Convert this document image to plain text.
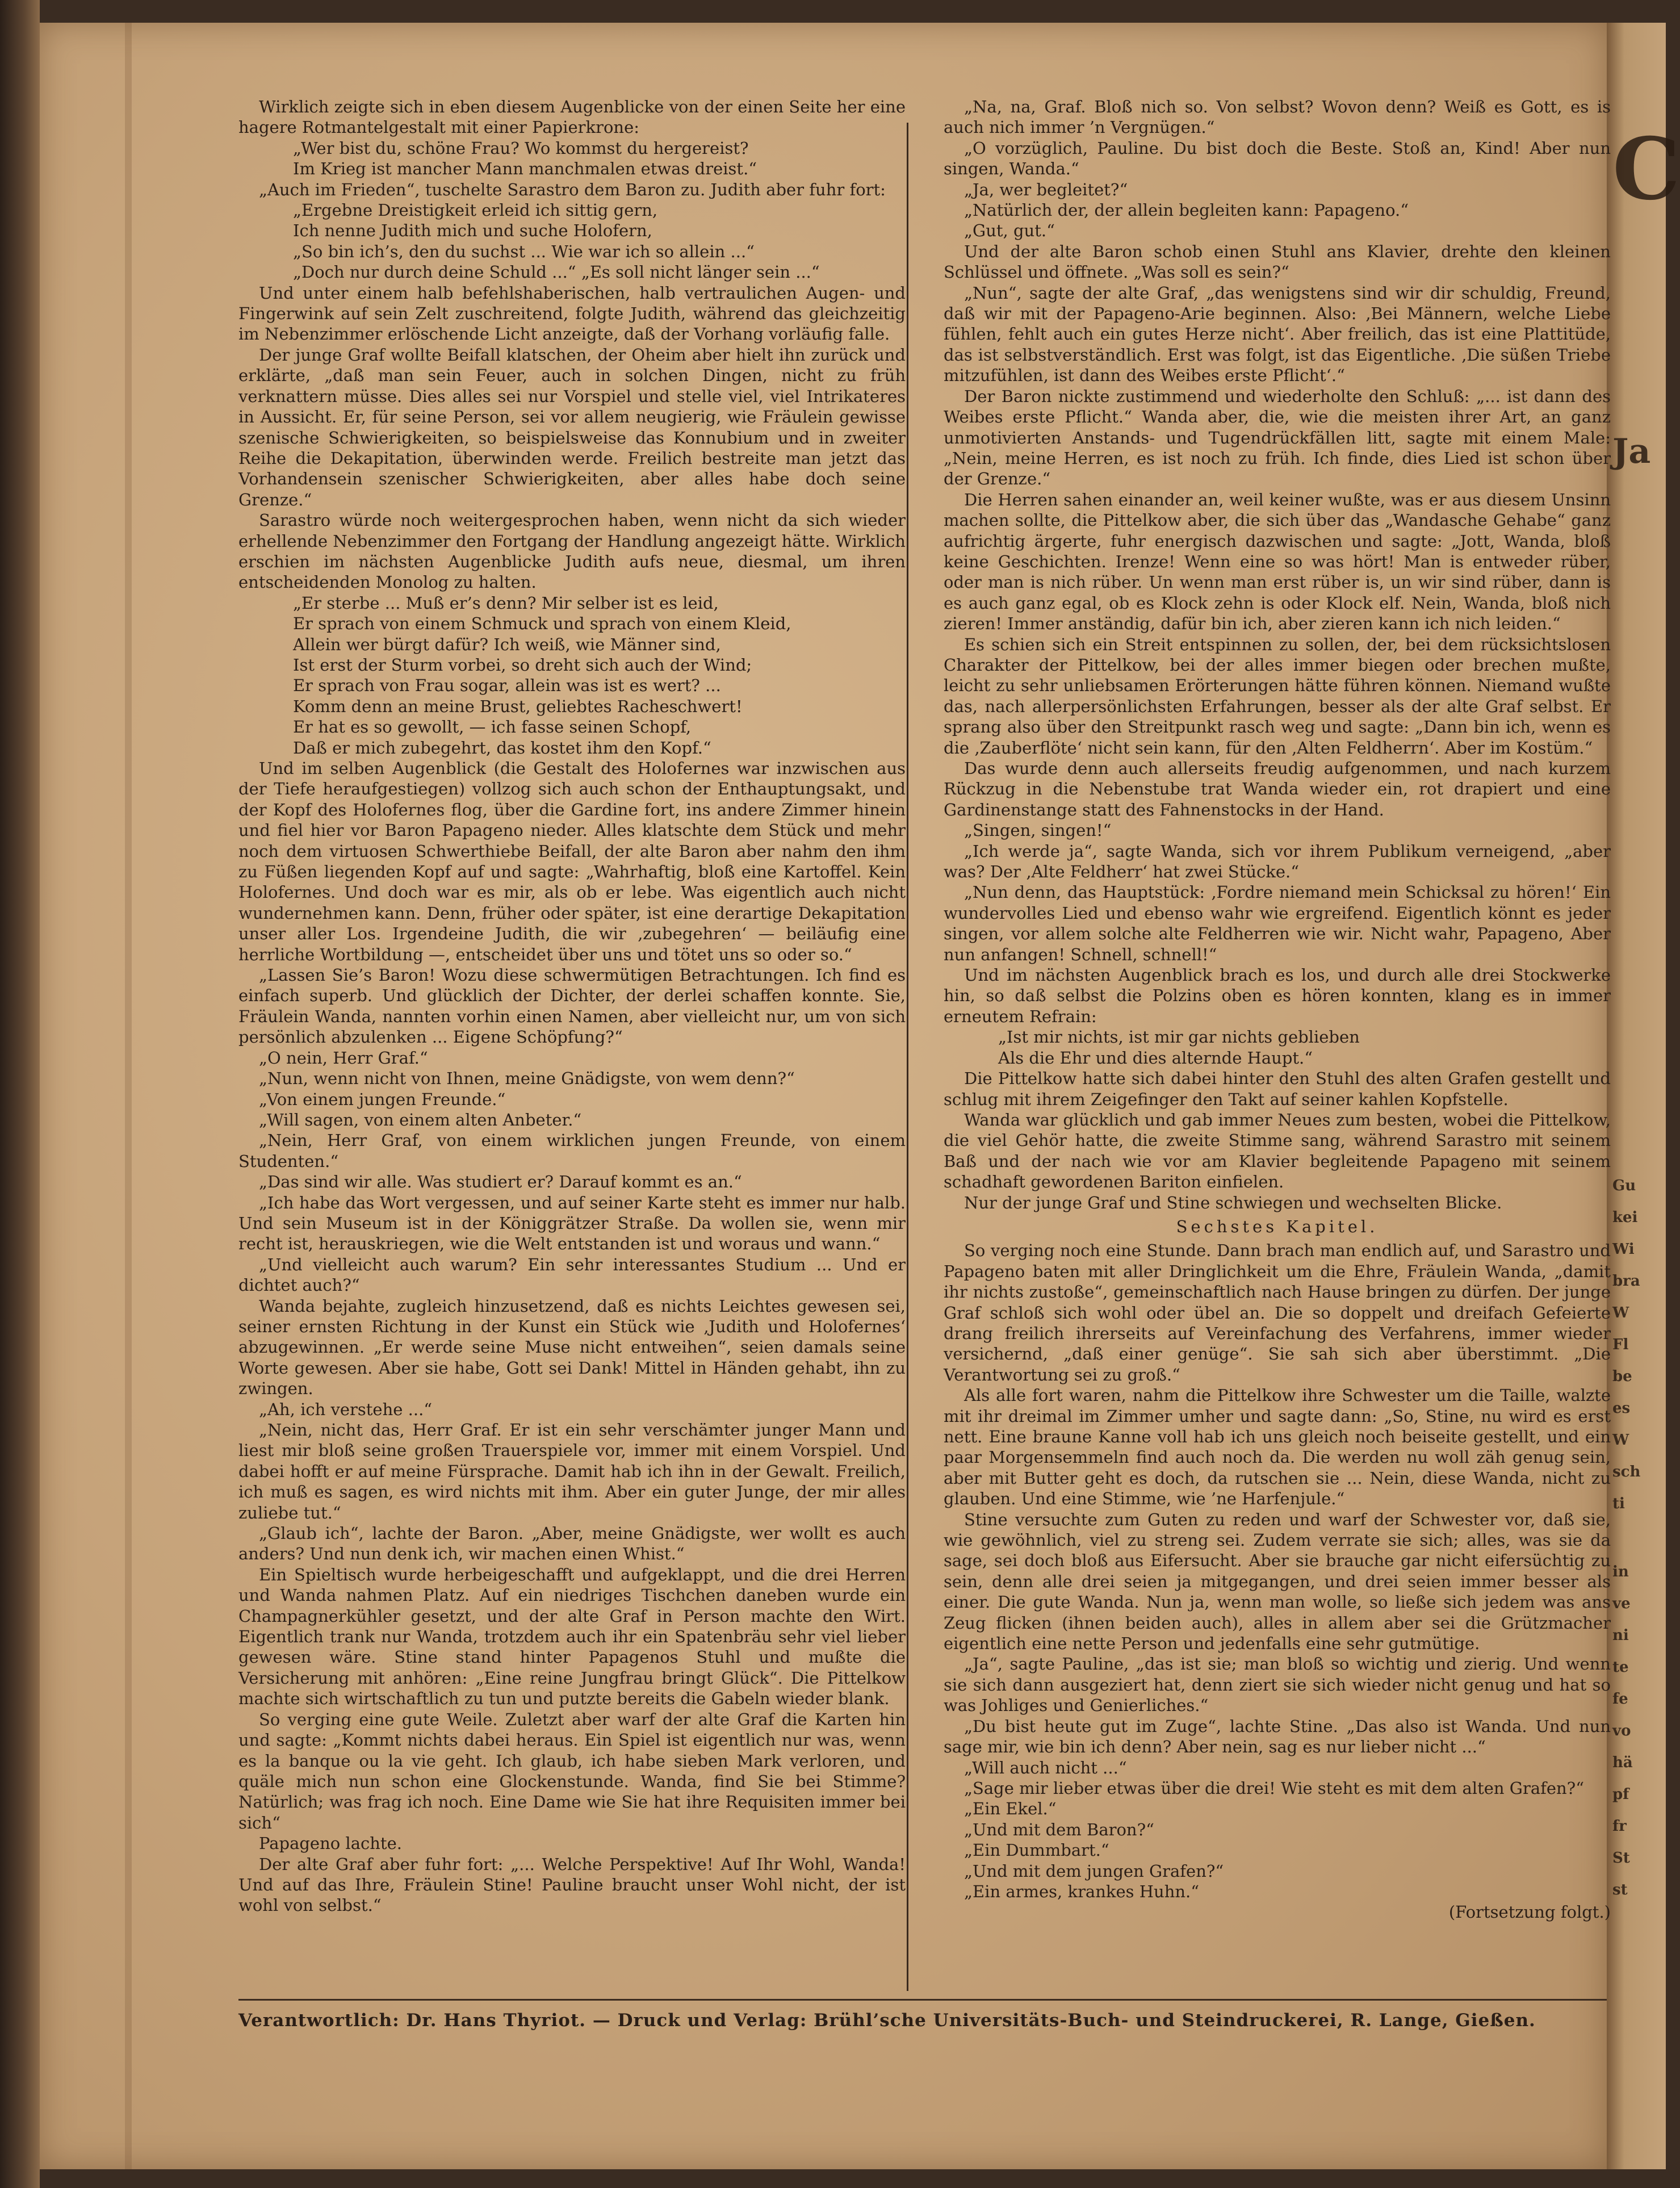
C
Ja
Gu
kei
Wi
bra
W
Fl
be
es
W
sch
ti
in
ve
ni
te
fe
vo
hä
pf
fr
St
st

Wirklich zeigte sich in eben diesem Augenblicke von der einen Seite her eine hagere Rotmantelgestalt mit einer Papierkrone:

„Wer bist du, schöne Frau? Wo kommst du hergereist?

Im Krieg ist mancher Mann manchmalen etwas dreist.“

„Auch im Frieden“, tuschelte Sarastro dem Baron zu. Judith aber fuhr fort:

„Ergebne Dreistigkeit erleid ich sittig gern,

Ich nenne Judith mich und suche Holofern,

„So bin ich’s, den du suchst ... Wie war ich so allein ...“

„Doch nur durch deine Schuld ...“ „Es soll nicht länger sein ...“

Und unter einem halb befehlshaberischen, halb vertraulichen Augen- und Fingerwink auf sein Zelt zuschreitend, folgte Judith, während das gleichzeitig im Nebenzimmer erlöschende Licht anzeigte, daß der Vorhang vorläufig falle.

Der junge Graf wollte Beifall klatschen, der Oheim aber hielt ihn zurück und erklärte, „daß man sein Feuer, auch in solchen Dingen, nicht zu früh verknattern müsse. Dies alles sei nur Vorspiel und stelle viel, viel Intrikateres in Aussicht. Er, für seine Person, sei vor allem neugierig, wie Fräulein gewisse szenische Schwierigkeiten, so beispielsweise das Konnubium und in zweiter Reihe die Dekapitation, überwinden werde. Freilich bestreite man jetzt das Vorhandensein szenischer Schwierigkeiten, aber alles habe doch seine Grenze.“

Sarastro würde noch weitergesprochen haben, wenn nicht da sich wieder erhellende Nebenzimmer den Fortgang der Handlung angezeigt hätte. Wirklich erschien im nächsten Augenblicke Judith aufs neue, diesmal, um ihren entscheidenden Monolog zu halten.

„Er sterbe ... Muß er’s denn? Mir selber ist es leid,

Er sprach von einem Schmuck und sprach von einem Kleid,

Allein wer bürgt dafür? Ich weiß, wie Männer sind,

Ist erst der Sturm vorbei, so dreht sich auch der Wind;

Er sprach von Frau sogar, allein was ist es wert? ...

Komm denn an meine Brust, geliebtes Racheschwert!

Er hat es so gewollt, — ich fasse seinen Schopf,

Daß er mich zubegehrt, das kostet ihm den Kopf.“

Und im selben Augenblick (die Gestalt des Holofernes war inzwischen aus der Tiefe heraufgestiegen) vollzog sich auch schon der Enthauptungsakt, und der Kopf des Holofernes flog, über die Gardine fort, ins andere Zimmer hinein und fiel hier vor Baron Papageno nieder. Alles klatschte dem Stück und mehr noch dem virtuosen Schwerthiebe Beifall, der alte Baron aber nahm den ihm zu Füßen liegenden Kopf auf und sagte: „Wahrhaftig, bloß eine Kartoffel. Kein Holofernes. Und doch war es mir, als ob er lebe. Was eigentlich auch nicht wundernehmen kann. Denn, früher oder später, ist eine derartige Dekapitation unser aller Los. Irgendeine Judith, die wir ‚zubegehren‘ — beiläufig eine herrliche Wortbildung —, entscheidet über uns und tötet uns so oder so.“

„Lassen Sie’s Baron! Wozu diese schwermütigen Betrachtungen. Ich find es einfach superb. Und glücklich der Dichter, der derlei schaffen konnte. Sie, Fräulein Wanda, nannten vorhin einen Namen, aber vielleicht nur, um von sich persönlich abzulenken ... Eigene Schöpfung?“

„O nein, Herr Graf.“

„Nun, wenn nicht von Ihnen, meine Gnädigste, von wem denn?“

„Von einem jungen Freunde.“

„Will sagen, von einem alten Anbeter.“

„Nein, Herr Graf, von einem wirklichen jungen Freunde, von einem Studenten.“

„Das sind wir alle. Was studiert er? Darauf kommt es an.“

„Ich habe das Wort vergessen, und auf seiner Karte steht es immer nur halb. Und sein Museum ist in der Königgrätzer Straße. Da wollen sie, wenn mir recht ist, herauskriegen, wie die Welt entstanden ist und woraus und wann.“

„Und vielleicht auch warum? Ein sehr interessantes Studium ... Und er dichtet auch?“

Wanda bejahte, zugleich hinzusetzend, daß es nichts Leichtes gewesen sei, seiner ernsten Richtung in der Kunst ein Stück wie ‚Judith und Holofernes‘ abzugewinnen. „Er werde seine Muse nicht entweihen“, seien damals seine Worte gewesen. Aber sie habe, Gott sei Dank! Mittel in Händen gehabt, ihn zu zwingen.

„Ah, ich verstehe ...“

„Nein, nicht das, Herr Graf. Er ist ein sehr verschämter junger Mann und liest mir bloß seine großen Trauerspiele vor, immer mit einem Vorspiel. Und dabei hofft er auf meine Fürsprache. Damit hab ich ihn in der Gewalt. Freilich, ich muß es sagen, es wird nichts mit ihm. Aber ein guter Junge, der mir alles zuliebe tut.“

„Glaub ich“, lachte der Baron. „Aber, meine Gnädigste, wer wollt es auch anders? Und nun denk ich, wir machen einen Whist.“

Ein Spieltisch wurde herbeigeschafft und aufgeklappt, und die drei Herren und Wanda nahmen Platz. Auf ein niedriges Tischchen daneben wurde ein Champagnerkühler gesetzt, und der alte Graf in Person machte den Wirt. Eigentlich trank nur Wanda, trotzdem auch ihr ein Spatenbräu sehr viel lieber gewesen wäre. Stine stand hinter Papagenos Stuhl und mußte die Versicherung mit anhören: „Eine reine Jungfrau bringt Glück“. Die Pittelkow machte sich wirtschaftlich zu tun und putzte bereits die Gabeln wieder blank.

So verging eine gute Weile. Zuletzt aber warf der alte Graf die Karten hin und sagte: „Kommt nichts dabei heraus. Ein Spiel ist eigentlich nur was, wenn es la banque ou la vie geht. Ich glaub, ich habe sieben Mark verloren, und quäle mich nun schon eine Glockenstunde. Wanda, find Sie bei Stimme? Natürlich; was frag ich noch. Eine Dame wie Sie hat ihre Requisiten immer bei sich“

Papageno lachte.

Der alte Graf aber fuhr fort: „... Welche Perspektive! Auf Ihr Wohl, Wanda! Und auf das Ihre, Fräulein Stine! Pauline braucht unser Wohl nicht, der ist wohl von selbst.“

„Na, na, Graf. Bloß nich so. Von selbst? Wovon denn? Weiß es Gott, es is auch nich immer ’n Vergnügen.“

„O vorzüglich, Pauline. Du bist doch die Beste. Stoß an, Kind! Aber nun singen, Wanda.“

„Ja, wer begleitet?“

„Natürlich der, der allein begleiten kann: Papageno.“

„Gut, gut.“

Und der alte Baron schob einen Stuhl ans Klavier, drehte den kleinen Schlüssel und öffnete. „Was soll es sein?“

„Nun“, sagte der alte Graf, „das wenigstens sind wir dir schuldig, Freund, daß wir mit der Papageno-Arie beginnen. Also: ‚Bei Männern, welche Liebe fühlen, fehlt auch ein gutes Herze nicht‘. Aber freilich, das ist eine Plattitüde, das ist selbstverständlich. Erst was folgt, ist das Eigentliche. ‚Die süßen Triebe mitzufühlen, ist dann des Weibes erste Pflicht‘.“

Der Baron nickte zustimmend und wiederholte den Schluß: „... ist dann des Weibes erste Pflicht.“ Wanda aber, die, wie die meisten ihrer Art, an ganz unmotivierten Anstands- und Tugendrückfällen litt, sagte mit einem Male: „Nein, meine Herren, es ist noch zu früh. Ich finde, dies Lied ist schon über der Grenze.“

Die Herren sahen einander an, weil keiner wußte, was er aus diesem Unsinn machen sollte, die Pittelkow aber, die sich über das „Wandasche Gehabe“ ganz aufrichtig ärgerte, fuhr energisch dazwischen und sagte: „Jott, Wanda, bloß keine Geschichten. Irenze! Wenn eine so was hört! Man is entweder rüber, oder man is nich rüber. Un wenn man erst rüber is, un wir sind rüber, dann is es auch ganz egal, ob es Klock zehn is oder Klock elf. Nein, Wanda, bloß nich zieren! Immer anständig, dafür bin ich, aber zieren kann ich nich leiden.“

Es schien sich ein Streit entspinnen zu sollen, der, bei dem rücksichtslosen Charakter der Pittelkow, bei der alles immer biegen oder brechen mußte, leicht zu sehr unliebsamen Erörterungen hätte führen können. Niemand wußte das, nach allerpersönlichsten Erfahrungen, besser als der alte Graf selbst. Er sprang also über den Streitpunkt rasch weg und sagte: „Dann bin ich, wenn es die ‚Zauberflöte‘ nicht sein kann, für den ‚Alten Feldherrn‘. Aber im Kostüm.“

Das wurde denn auch allerseits freudig aufgenommen, und nach kurzem Rückzug in die Nebenstube trat Wanda wieder ein, rot drapiert und eine Gardinenstange statt des Fahnenstocks in der Hand.

„Singen, singen!“

„Ich werde ja“, sagte Wanda, sich vor ihrem Publikum verneigend, „aber was? Der ‚Alte Feldherr‘ hat zwei Stücke.“

„Nun denn, das Hauptstück: ‚Fordre niemand mein Schicksal zu hören!‘ Ein wundervolles Lied und ebenso wahr wie ergreifend. Eigentlich könnt es jeder singen, vor allem solche alte Feldherren wie wir. Nicht wahr, Papageno, Aber nun anfangen! Schnell, schnell!“

Und im nächsten Augenblick brach es los, und durch alle drei Stockwerke hin, so daß selbst die Polzins oben es hören konnten, klang es in immer erneutem Refrain:

„Ist mir nichts, ist mir gar nichts geblieben

Als die Ehr und dies alternde Haupt.“

Die Pittelkow hatte sich dabei hinter den Stuhl des alten Grafen gestellt und schlug mit ihrem Zeigefinger den Takt auf seiner kahlen Kopfstelle.

Wanda war glücklich und gab immer Neues zum besten, wobei die Pittelkow, die viel Gehör hatte, die zweite Stimme sang, während Sarastro mit seinem Baß und der nach wie vor am Klavier begleitende Papageno mit seinem schadhaft gewordenen Bariton einfielen.

Nur der junge Graf und Stine schwiegen und wechselten Blicke.

Sechstes Kapitel.

So verging noch eine Stunde. Dann brach man endlich auf, und Sarastro und Papageno baten mit aller Dringlichkeit um die Ehre, Fräulein Wanda, „damit ihr nichts zustoße“, gemeinschaftlich nach Hause bringen zu dürfen. Der junge Graf schloß sich wohl oder übel an. Die so doppelt und dreifach Gefeierte drang freilich ihrerseits auf Vereinfachung des Verfahrens, immer wieder versichernd, „daß einer genüge“. Sie sah sich aber überstimmt. „Die Verantwortung sei zu groß.“

Als alle fort waren, nahm die Pittelkow ihre Schwester um die Taille, walzte mit ihr dreimal im Zimmer umher und sagte dann: „So, Stine, nu wird es erst nett. Eine braune Kanne voll hab ich uns gleich noch beiseite gestellt, und ein paar Morgensemmeln find auch noch da. Die werden nu woll zäh genug sein, aber mit Butter geht es doch, da rutschen sie ... Nein, diese Wanda, nicht zu glauben. Und eine Stimme, wie ’ne Harfenjule.“

Stine versuchte zum Guten zu reden und warf der Schwester vor, daß sie, wie gewöhnlich, viel zu streng sei. Zudem verrate sie sich; alles, was sie da sage, sei doch bloß aus Eifersucht. Aber sie brauche gar nicht eifersüchtig zu sein, denn alle drei seien ja mitgegangen, und drei seien immer besser als einer. Die gute Wanda. Nun ja, wenn man wolle, so ließe sich jedem was ans Zeug flicken (ihnen beiden auch), alles in allem aber sei die Grützmacher eigentlich eine nette Person und jedenfalls eine sehr gutmütige.

„Ja“, sagte Pauline, „das ist sie; man bloß so wichtig und zierig. Und wenn sie sich dann ausgeziert hat, denn ziert sie sich wieder nicht genug und hat so was Johliges und Genierliches.“

„Du bist heute gut im Zuge“, lachte Stine. „Das also ist Wanda. Und nun sage mir, wie bin ich denn? Aber nein, sag es nur lieber nicht ...“

„Will auch nicht ...“

„Sage mir lieber etwas über die drei! Wie steht es mit dem alten Grafen?“

„Ein Ekel.“

„Und mit dem Baron?“

„Ein Dummbart.“

„Und mit dem jungen Grafen?“

„Ein armes, krankes Huhn.“

(Fortsetzung folgt.)

Verantwortlich: Dr. Hans Thyriot. — Druck und Verlag: Brühl’sche Universitäts-Buch- und Steindruckerei, R. Lange, Gießen.
